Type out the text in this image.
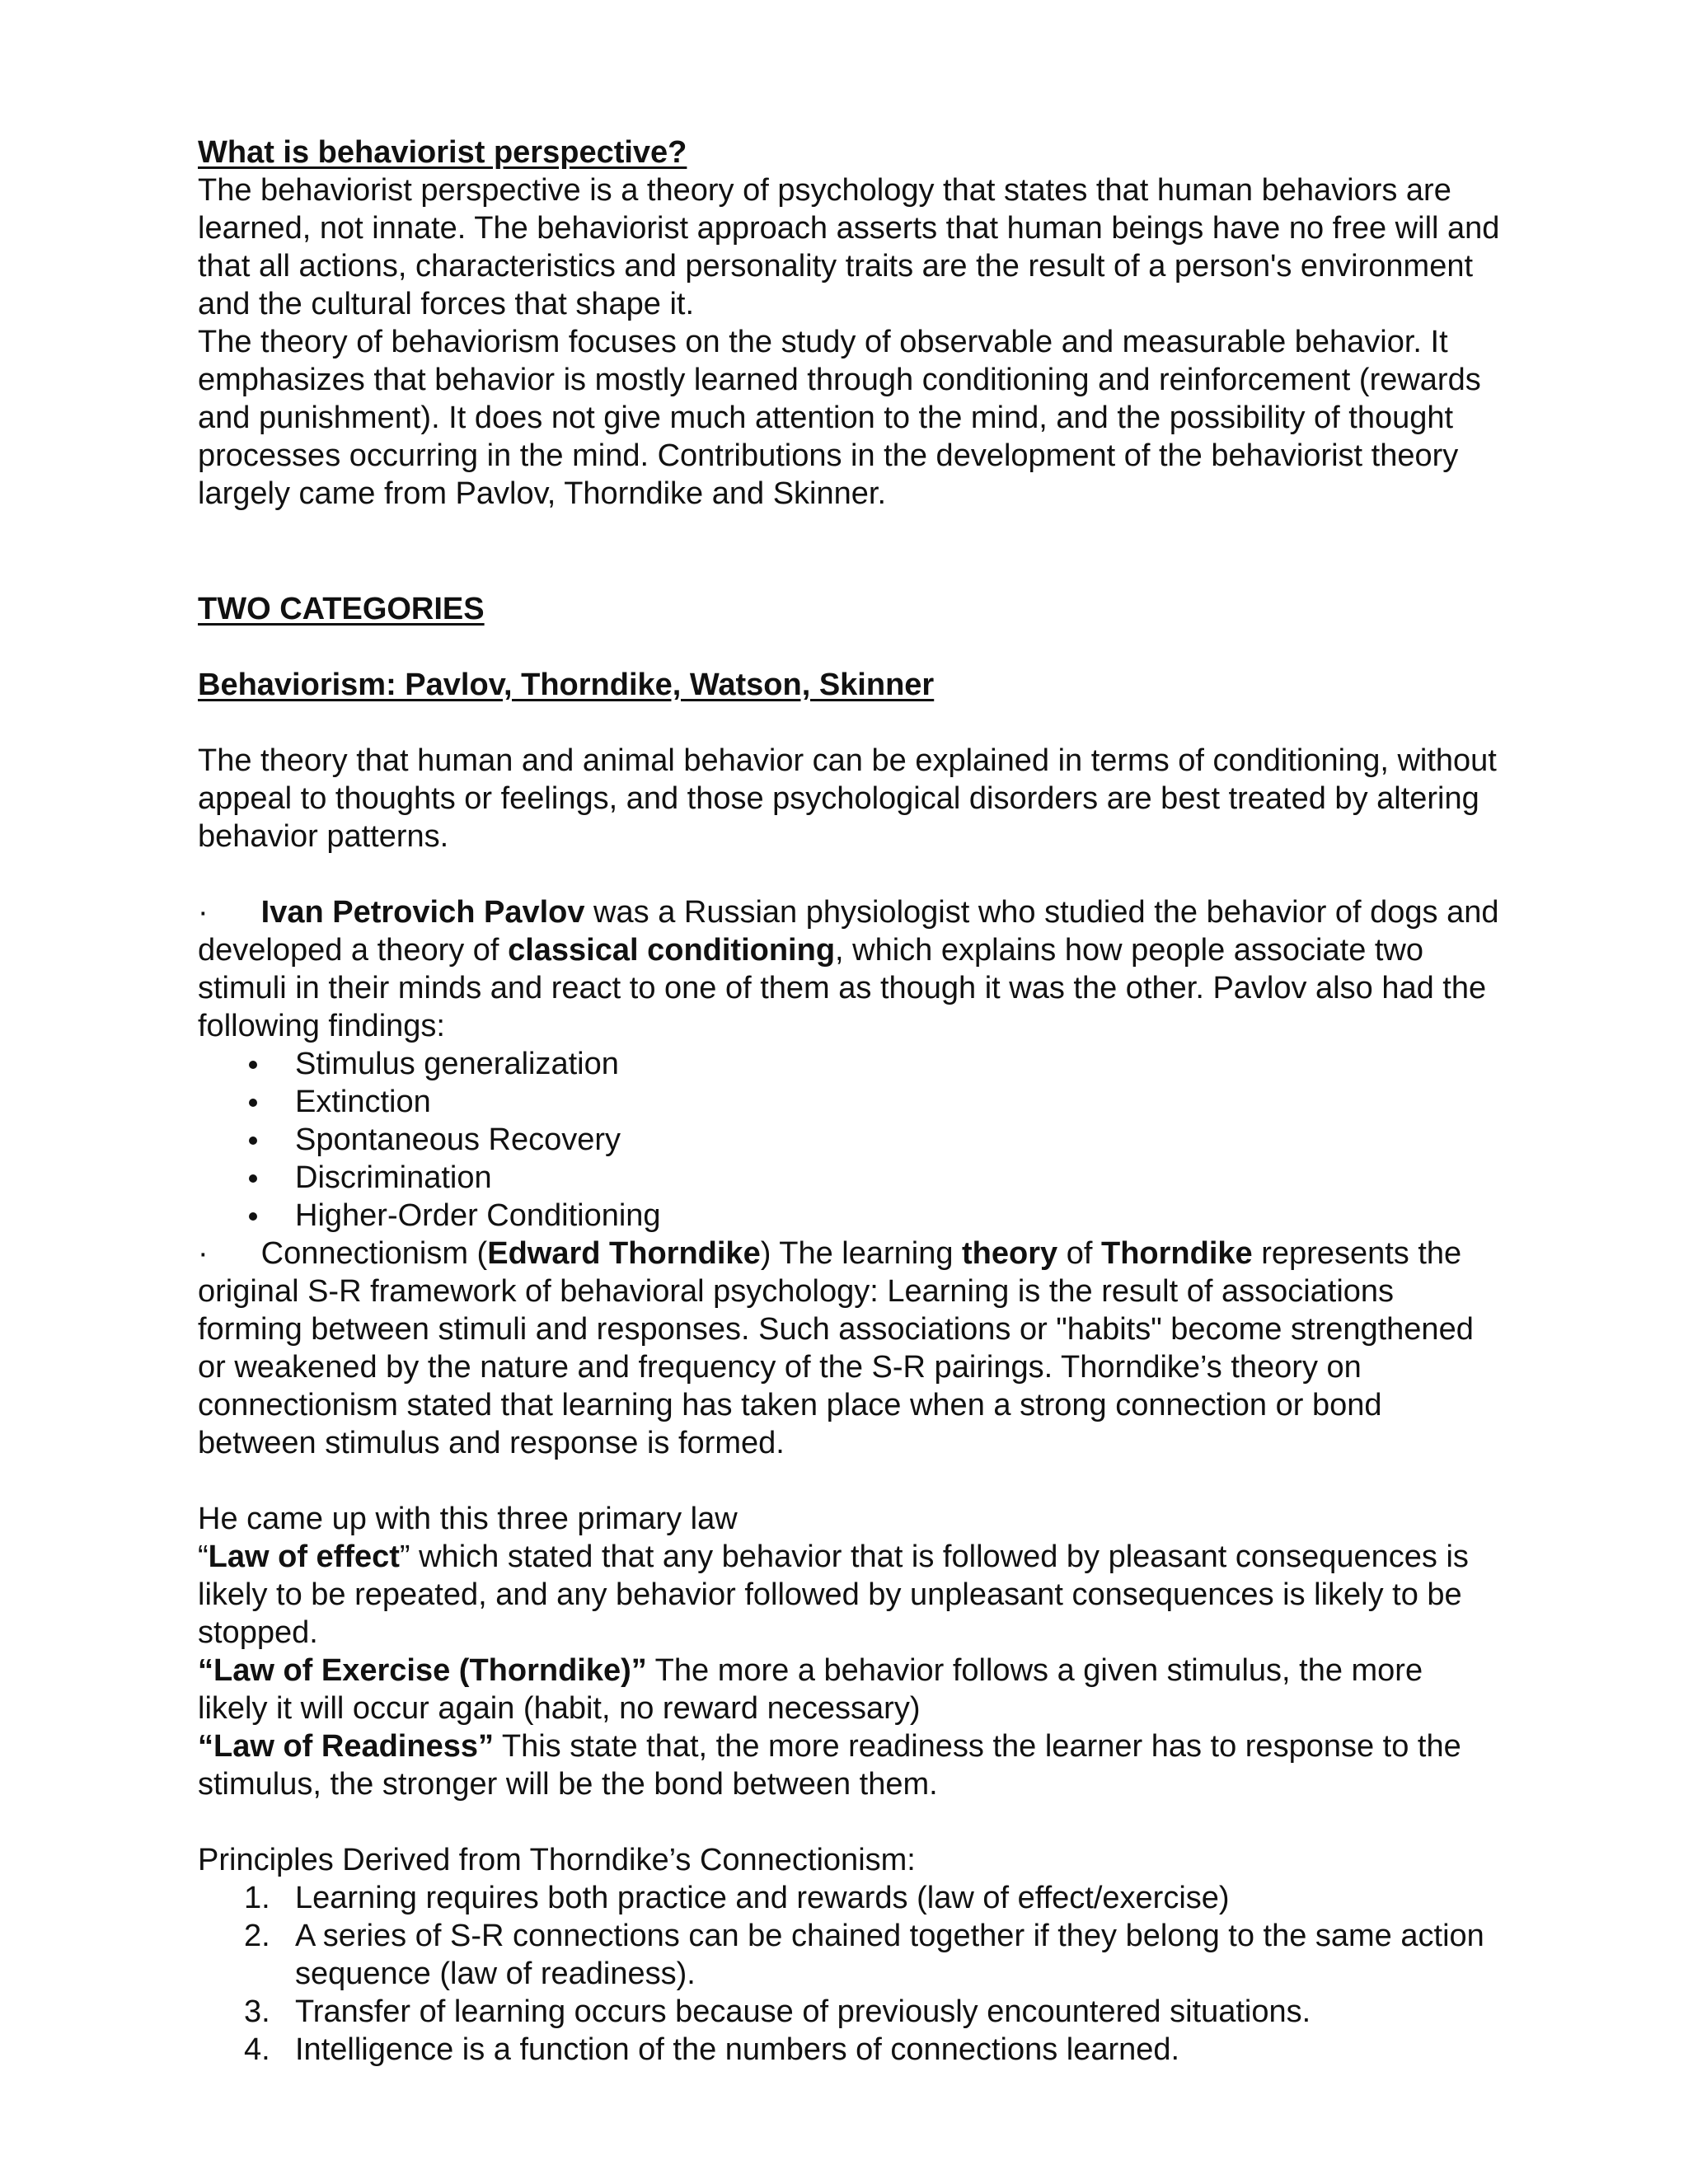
What is behaviorist perspective?

The behaviorist perspective is a theory of psychology that states that human behaviors are learned, not innate. The behaviorist approach asserts that human beings have no free will and that all actions, characteristics and personality traits are the result of a person's environment and the cultural forces that shape it.

The theory of behaviorism focuses on the study of observable and measurable behavior. It emphasizes that behavior is mostly learned through conditioning and reinforcement (rewards and punishment). It does not give much attention to the mind, and the possibility of thought processes occurring in the mind. Contributions in the development of the behaviorist theory largely came from Pavlov, Thorndike and Skinner.

TWO CATEGORIES

Behaviorism: Pavlov, Thorndike, Watson, Skinner

The theory that human and animal behavior can be explained in terms of conditioning, without appeal to thoughts or feelings, and those psychological disorders are best treated by altering behavior patterns.

· Ivan Petrovich Pavlov was a Russian physiologist who studied the behavior of dogs and developed a theory of classical conditioning, which explains how people associate two stimuli in their minds and react to one of them as though it was the other. Pavlov also had the following findings:

Stimulus generalization
Extinction
Spontaneous Recovery
Discrimination
Higher-Order Conditioning

· Connectionism (Edward Thorndike) The learning theory of Thorndike represents the original S-R framework of behavioral psychology: Learning is the result of associations forming between stimuli and responses. Such associations or "habits" become strengthened or weakened by the nature and frequency of the S-R pairings. Thorndike’s theory on connectionism stated that learning has taken place when a strong connection or bond between stimulus and response is formed.

He came up with this three primary law

“Law of effect” which stated that any behavior that is followed by pleasant consequences is likely to be repeated, and any behavior followed by unpleasant consequences is likely to be stopped.

“Law of Exercise (Thorndike)” The more a behavior follows a given stimulus, the more likely it will occur again (habit, no reward necessary)

“Law of Readiness” This state that, the more readiness the learner has to response to the stimulus, the stronger will be the bond between them.

Principles Derived from Thorndike’s Connectionism:

1. Learning requires both practice and rewards (law of effect/exercise)

2. A series of S-R connections can be chained together if they belong to the same action sequence (law of readiness).

3. Transfer of learning occurs because of previously encountered situations.

4. Intelligence is a function of the numbers of connections learned.
